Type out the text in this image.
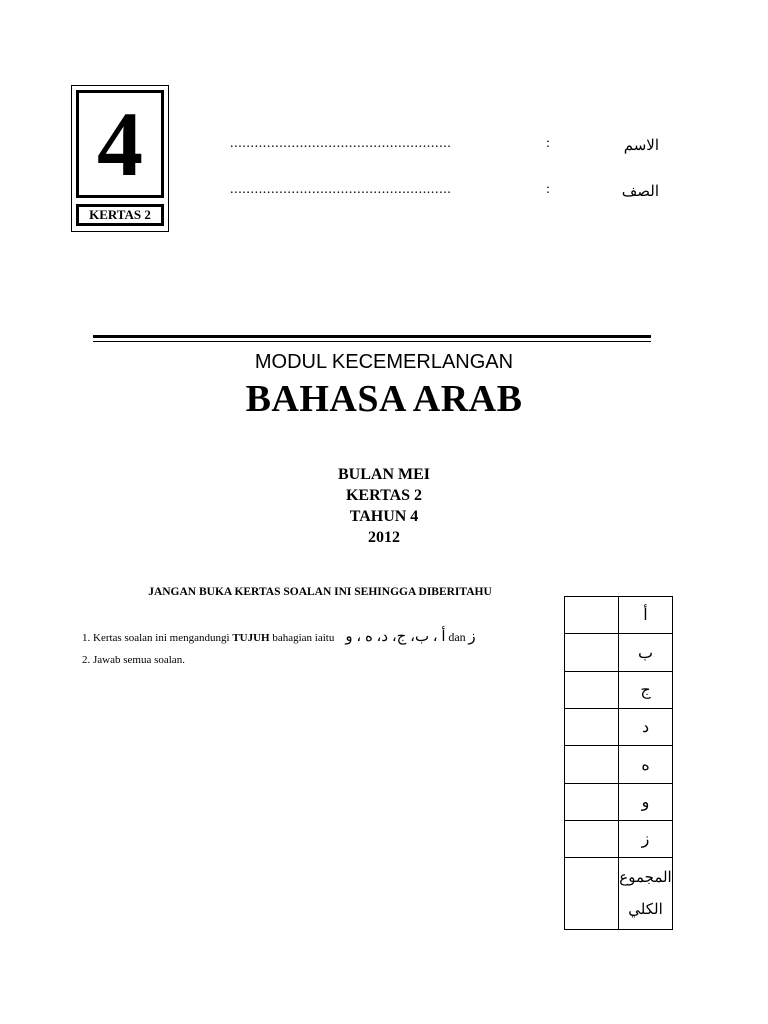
4
KERTAS 2
......................................................	:	الاسم
......................................................	:	الصف
MODUL KECEMERLANGAN
BAHASA ARAB
BULAN MEI
KERTAS 2
TAHUN 4
2012
JANGAN BUKA KERTAS SOALAN INI SEHINGGA DIBERITAHU
1. Kertas soalan ini mengandungi TUJUH bahagian iaitu أ ، ب، ج، د، ه ، و dan ز
2. Jawab semua soalan.
	أ
	ب
	ج
	د
	ه
	و
	ز

	المجموع
الكلي
